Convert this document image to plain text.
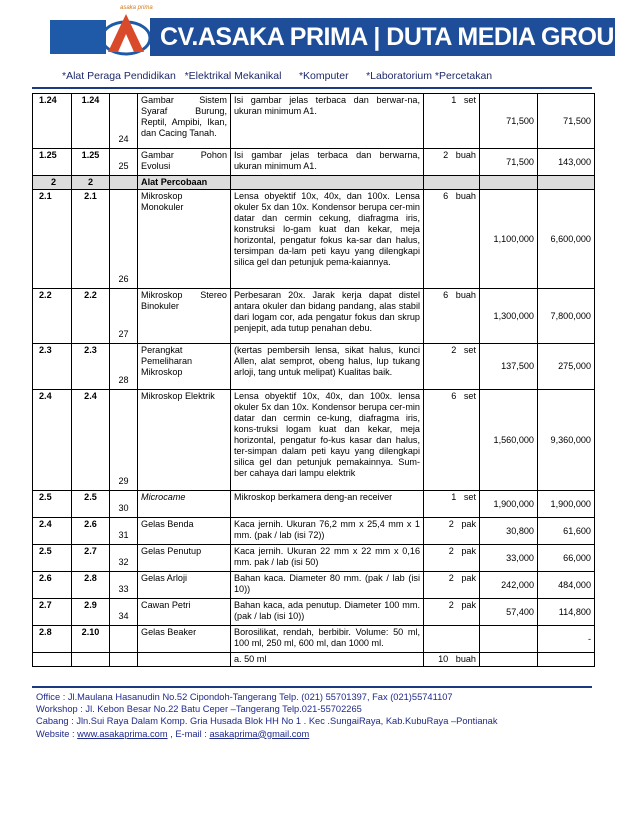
asaka prima
CV.ASAKA PRIMA | DUTA MEDIA GROUP
*Alat Peraga Pendidikan   *Elektrikal Mekanikal      *Komputer      *Laboratorium *Percetakan
1.24	1.24	24	Gambar Sistem Syaraf Burung, Reptil, Ampibi, Ikan, dan Cacing Tanah.	Isi gambar jelas terbaca dan berwar-na, ukuran minimum A1.	1   set	71,500	71,500
1.25	1.25	25	Gambar Pohon Evolusi	Isi gambar jelas terbaca dan berwarna, ukuran minimum A1.	2   buah	71,500	143,000
2	2		Alat Percobaan				
2.1	2.1	26	Mikroskop Monokuler	Lensa obyektif 10x, 40x, dan 100x. Lensa okuler 5x dan 10x. Kondensor berupa cer-min datar dan cermin cekung, diafragma iris, konstruksi lo-gam kuat dan kekar, meja horizontal, pengatur fokus ka-sar dan halus, tersimpan da-lam peti kayu yang dilengkapi silica gel dan petunjuk pema-kaiannya.	6   buah	1,100,000	6,600,000
2.2	2.2	27	Mikroskop Stereo Binokuler	Perbesaran 20x. Jarak kerja dapat distel antara okuler dan bidang pandang, alas stabil dari logam cor, ada pengatur fokus dan skrup penjepit, ada tutup penahan debu.	6   buah	1,300,000	7,800,000
2.3	2.3	28	Perangkat Pemeliharan Mikroskop	(kertas pembersih lensa, sikat halus, kunci Allen, alat semprot, obeng halus, lup tukang arloji, tang untuk melipat) Kualitas baik.	2   set	137,500	275,000
2.4	2.4	29	Mikroskop Elektrik	Lensa obyektif 10x, 40x, dan 100x. lensa okuler 5x dan 10x. Kondensor berupa cer-min datar dan cermin ce-kung, diafragma iris, kons-truksi logam kuat dan kekar, meja horizontal, pengatur fo-kus kasar dan halus, ter-simpan dalam peti kayu yang dilengkapi silica gel dan petunjuk pemakainnya. Sum-ber cahaya dari lampu elektrik	6   set	1,560,000	9,360,000
2.5	2.5	30	Microcame	Mikroskop berkamera deng-an receiver	1   set	1,900,000	1,900,000
2.4	2.6	31	Gelas Benda	Kaca jernih. Ukuran 76,2 mm x 25,4 mm x 1 mm. (pak / lab (isi 72))	2   pak	30,800	61,600
2.5	2.7	32	Gelas Penutup	Kaca jernih. Ukuran 22 mm x 22 mm x 0,16 mm. pak / lab (isi 50)	2   pak	33,000	66,000
2.6	2.8	33	Gelas Arloji	Bahan kaca. Diameter 80 mm. (pak / lab (isi 10))	2   pak	242,000	484,000
2.7	2.9	34	Cawan Petri	Bahan kaca, ada penutup. Diameter 100 mm. (pak / lab (isi 10))	2   pak	57,400	114,800
2.8	2.10		Gelas Beaker	Borosilikat, rendah, berbibir. Volume: 50 ml, 100 ml, 250 ml, 600 ml, dan 1000 ml.			-
				a. 50 ml	10   buah		
Office : Jl.Maulana Hasanudin No.52 Cipondoh-Tangerang Telp. (021) 55701397, Fax (021)55741107
Workshop : Jl. Kebon Besar No.22 Batu Ceper –Tangerang Telp.021-55702265
Cabang : Jln.Sui Raya Dalam Komp. Gria Husada Blok HH No 1 . Kec .SungaiRaya, Kab.KubuRaya –Pontianak
Website : www.asakaprima.com , E-mail : asakaprima@gmail.com
